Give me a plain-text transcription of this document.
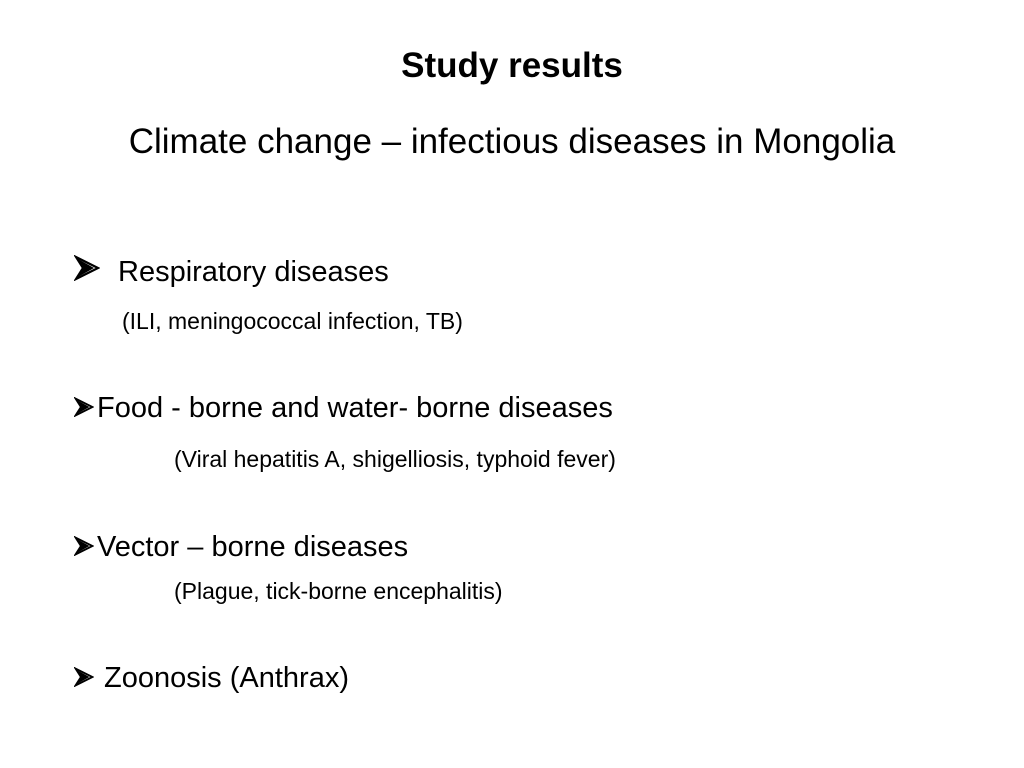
Study results
Climate change – infectious diseases in Mongolia
Respiratory diseases
(ILI, meningococcal infection, TB)
Food - borne and water- borne diseases
(Viral hepatitis A, shigelliosis, typhoid fever)
Vector – borne diseases
(Plague, tick-borne encephalitis)
Zoonosis (Anthrax)
